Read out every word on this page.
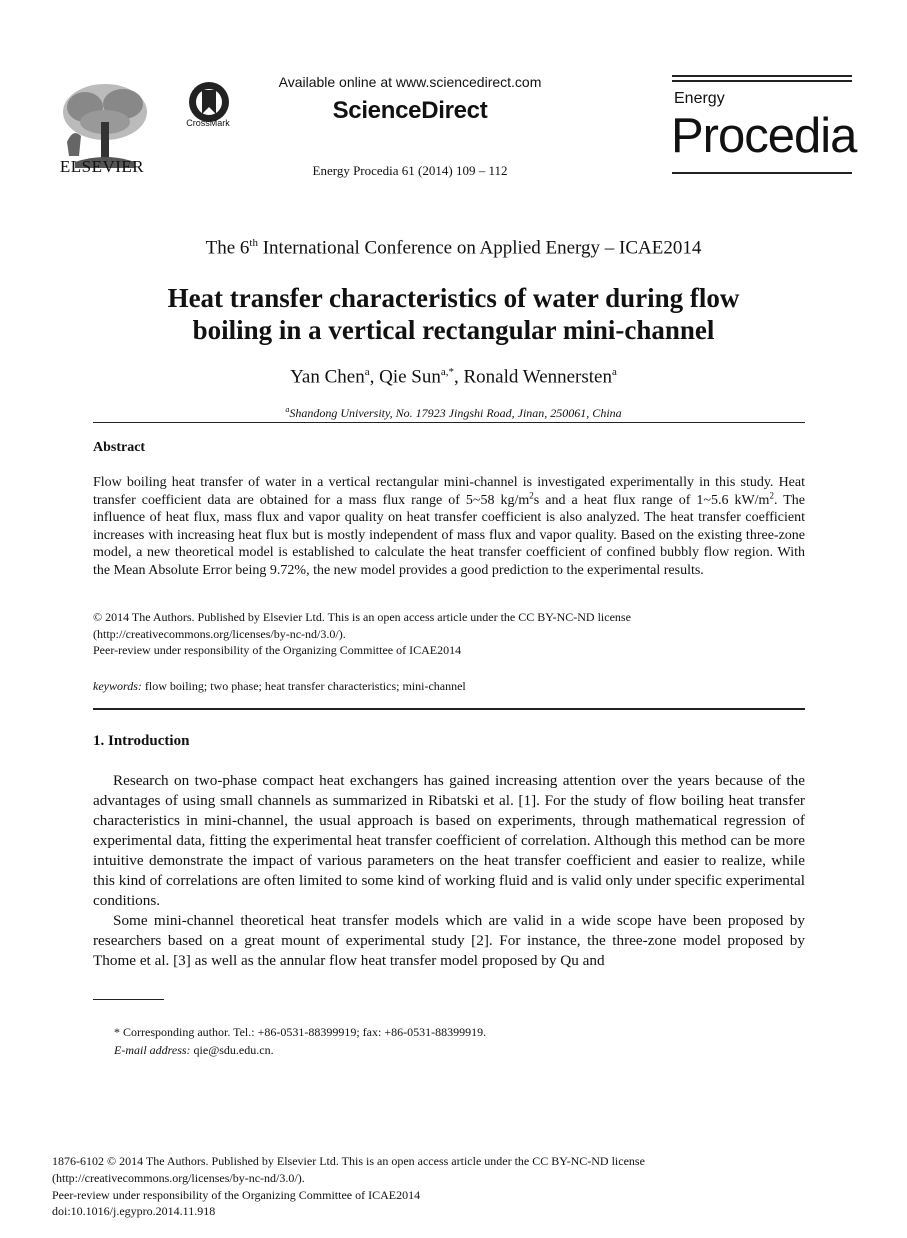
ELSEVIER
CrossMark
Available online at www.sciencedirect.com
ScienceDirect
Energy Procedia 61 (2014) 109 – 112
Energy
Procedia
The 6th International Conference on Applied Energy – ICAE2014
Heat transfer characteristics of water during flow
boiling in a vertical rectangular mini-channel
Yan Chen$^a$, Qie Sun$^{a,*}$, Ronald Wennersten$^a$
$^a$Shandong University, No. 17923 Jingshi Road, Jinan, 250061, China
Abstract
Flow boiling heat transfer of water in a vertical rectangular mini-channel is investigated experimentally in this study. Heat transfer coefficient data are obtained for a mass flux range of 5~58 $kg/m^2s$ and a heat flux range of 1~5.6 $kW/m^2$. The influence of heat flux, mass flux and vapor quality on heat transfer coefficient is also analyzed. The heat transfer coefficient increases with increasing heat flux but is mostly independent of mass flux and vapor quality. Based on the existing three-zone model, a new theoretical model is established to calculate the heat transfer coefficient of confined bubbly flow region. With the Mean Absolute Error being 9.72%, the new model provides a good prediction to the experimental results.
© 2014 The Authors. Published by Elsevier Ltd. This is an open access article under the CC BY-NC-ND license
(http://creativecommons.org/licenses/by-nc-nd/3.0/).
Peer-review under responsibility of the Organizing Committee of ICAE2014
keywords: flow boiling; two phase; heat transfer characteristics; mini-channel
1. Introduction

Research on two-phase compact heat exchangers has gained increasing attention over the years because of the advantages of using small channels as summarized in Ribatski et al. [1]. For the study of flow boiling heat transfer characteristics in mini-channel, the usual approach is based on experiments, through mathematical regression of experimental data, fitting the experimental heat transfer coefficient of correlation. Although this method can be more intuitive demonstrate the impact of various parameters on the heat transfer coefficient and easier to realize, while this kind of correlations are often limited to some kind of working fluid and is valid only under specific experimental conditions.

Some mini-channel theoretical heat transfer models which are valid in a wide scope have been proposed by researchers based on a great mount of experimental study [2]. For instance, the three-zone model proposed by Thome et al. [3] as well as the annular flow heat transfer model proposed by Qu and

* Corresponding author. Tel.: +86-0531-88399919; fax: +86-0531-88399919.
E-mail address: qie@sdu.edu.cn.
1876-6102 © 2014 The Authors. Published by Elsevier Ltd. This is an open access article under the CC BY-NC-ND license
(http://creativecommons.org/licenses/by-nc-nd/3.0/).
Peer-review under responsibility of the Organizing Committee of ICAE2014
doi:10.1016/j.egypro.2014.11.918
